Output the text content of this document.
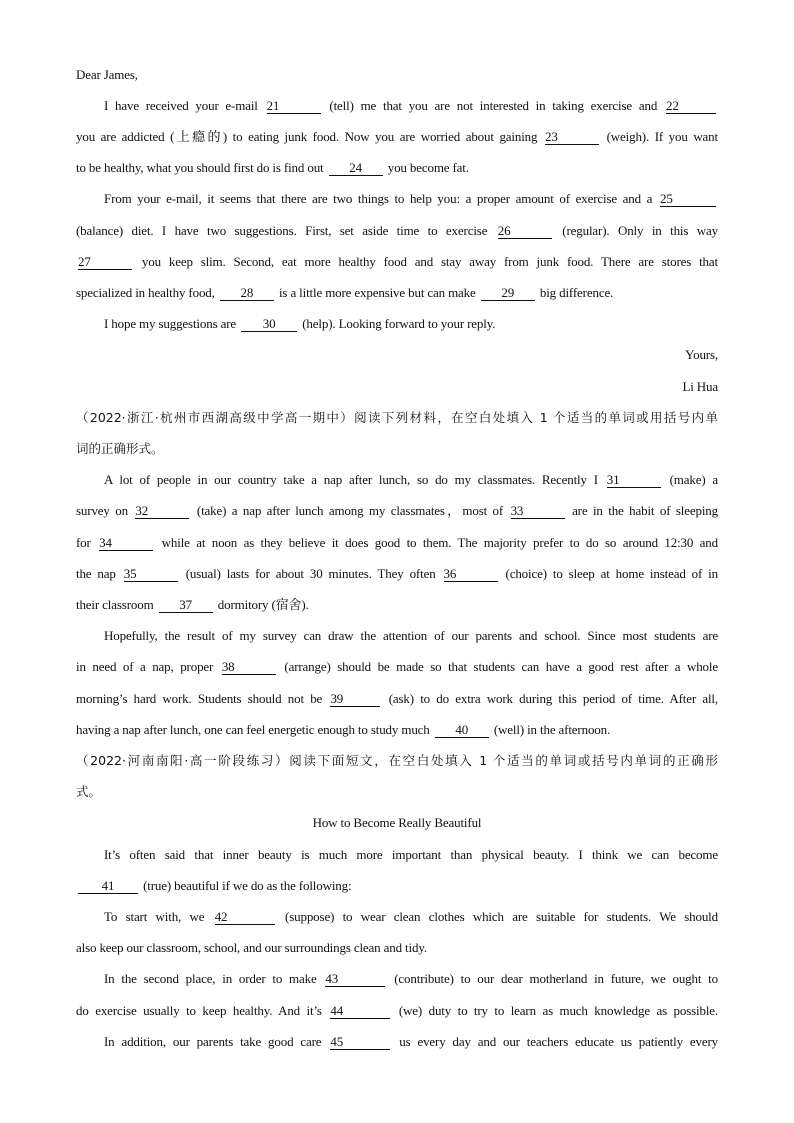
Dear James,
I have received your e-mail 21	(tell) me that you are not interested in taking exercise and 22
you are addicted (上瘾的) to eating junk food. Now you are worried about gaining 23	(weigh). If you want
to be healthy, what you should first do is find out 24 you become fat.
From your e-mail, it seems that there are two things to help you: a proper amount of exercise and a 25
(balance) diet. I have two suggestions. First, set aside time to exercise 26	(regular). Only in this way
27	you keep slim. Second, eat more healthy food and stay away from junk food. There are stores that
specialized in healthy food, 28 is a little more expensive but can make 29 big difference.
I hope my suggestions are 30 (help). Looking forward to your reply.
Yours,
Li Hua
（2022·浙江·杭州市西湖高级中学高一期中）阅读下列材料，在空白处填入 1 个适当的单词或用括号内单
词的正确形式。
A lot of people in our country take a nap after lunch, so do my classmates. Recently I 31	(make) a
survey on 32	(take) a nap after lunch among my classmates，most of 33	are in the habit of sleeping
for 34	while at noon as they believe it does good to them. The majority prefer to do so around 12:30 and
the nap 35	(usual) lasts for about 30 minutes. They often 36	(choice) to sleep at home instead of in
their classroom 37 dormitory (宿舍).
Hopefully, the result of my survey can draw the attention of our parents and school. Since most students are
in need of a nap, proper 38	(arrange) should be made so that students can have a good rest after a whole
morning’s hard work. Students should not be 39	(ask) to do extra work during this period of time. After all,
having a nap after lunch, one can feel energetic enough to study much 40 (well) in the afternoon.
（2022·河南南阳·高一阶段练习）阅读下面短文，在空白处填入 1 个适当的单词或括号内单词的正确形
式。
How to Become Really Beautiful
It’s often said that inner beauty is much more important than physical beauty. I think we can become
41 (true) beautiful if we do as the following:
To start with, we 42	(suppose) to wear clean clothes which are suitable for students. We should
also keep our classroom, school, and our surroundings clean and tidy.
In the second place, in order to make 43	(contribute) to our dear motherland in future, we ought to
do exercise usually to keep healthy. And it’s 44	(we) duty to try to learn as much knowledge as possible.
In addition, our parents take good care 45	us every day and our teachers educate us patiently every
